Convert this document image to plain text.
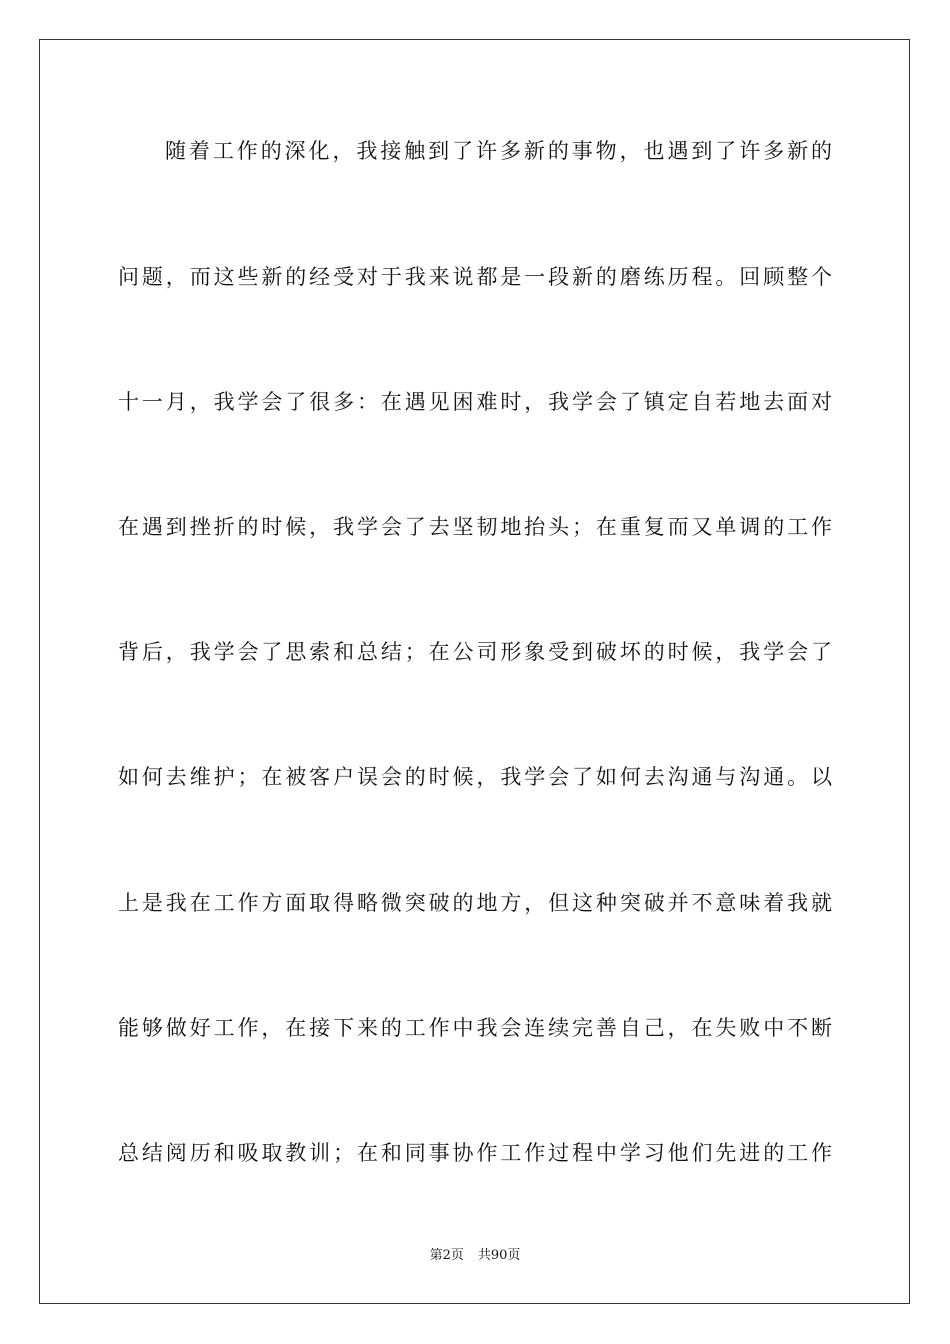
随着工作的深化，我接触到了许多新的事物，也遇到了许多新的
问题，而这些新的经受对于我来说都是一段新的磨练历程。回顾整个
十一月，我学会了很多：在遇见困难时，我学会了镇定自若地去面对
在遇到挫折的时候，我学会了去坚韧地抬头；在重复而又单调的工作
背后，我学会了思索和总结；在公司形象受到破坏的时候，我学会了
如何去维护；在被客户误会的时候，我学会了如何去沟通与沟通。以
上是我在工作方面取得略微突破的地方，但这种突破并不意味着我就
能够做好工作，在接下来的工作中我会连续完善自己，在失败中不断
总结阅历和吸取教训；在和同事协作工作过程中学习他们先进的工作
第2页 共90页
